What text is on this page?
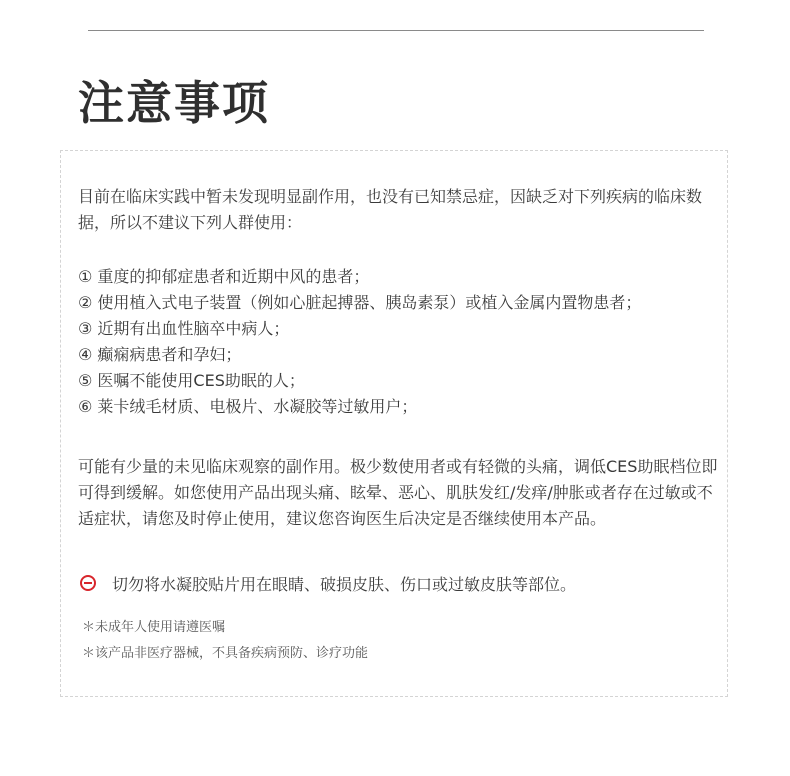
注意事项

目前在临床实践中暂未发现明显副作用，也没有已知禁忌症，因缺乏对下列疾病的临床数据，所以不建议下列人群使用：

① 重度的抑郁症患者和近期中风的患者；
② 使用植入式电子装置（例如心脏起搏器、胰岛素泵）或植入金属内置物患者；
③ 近期有出血性脑卒中病人；
④ 癫痫病患者和孕妇；
⑤ 医嘱不能使用CES助眠的人；
⑥ 莱卡绒毛材质、电极片、水凝胶等过敏用户；

可能有少量的未见临床观察的副作用。极少数使用者或有轻微的头痛，调低CES助眠档位即可得到缓解。如您使用产品出现头痛、眩晕、恶心、肌肤发红/发痒/肿胀或者存在过敏或不适症状，请您及时停止使用，建议您咨询医生后决定是否继续使用本产品。

切勿将水凝胶贴片用在眼睛、破损皮肤、伤口或过敏皮肤等部位。
＊未成年人使用请遵医嘱
＊该产品非医疗器械，不具备疾病预防、诊疗功能
